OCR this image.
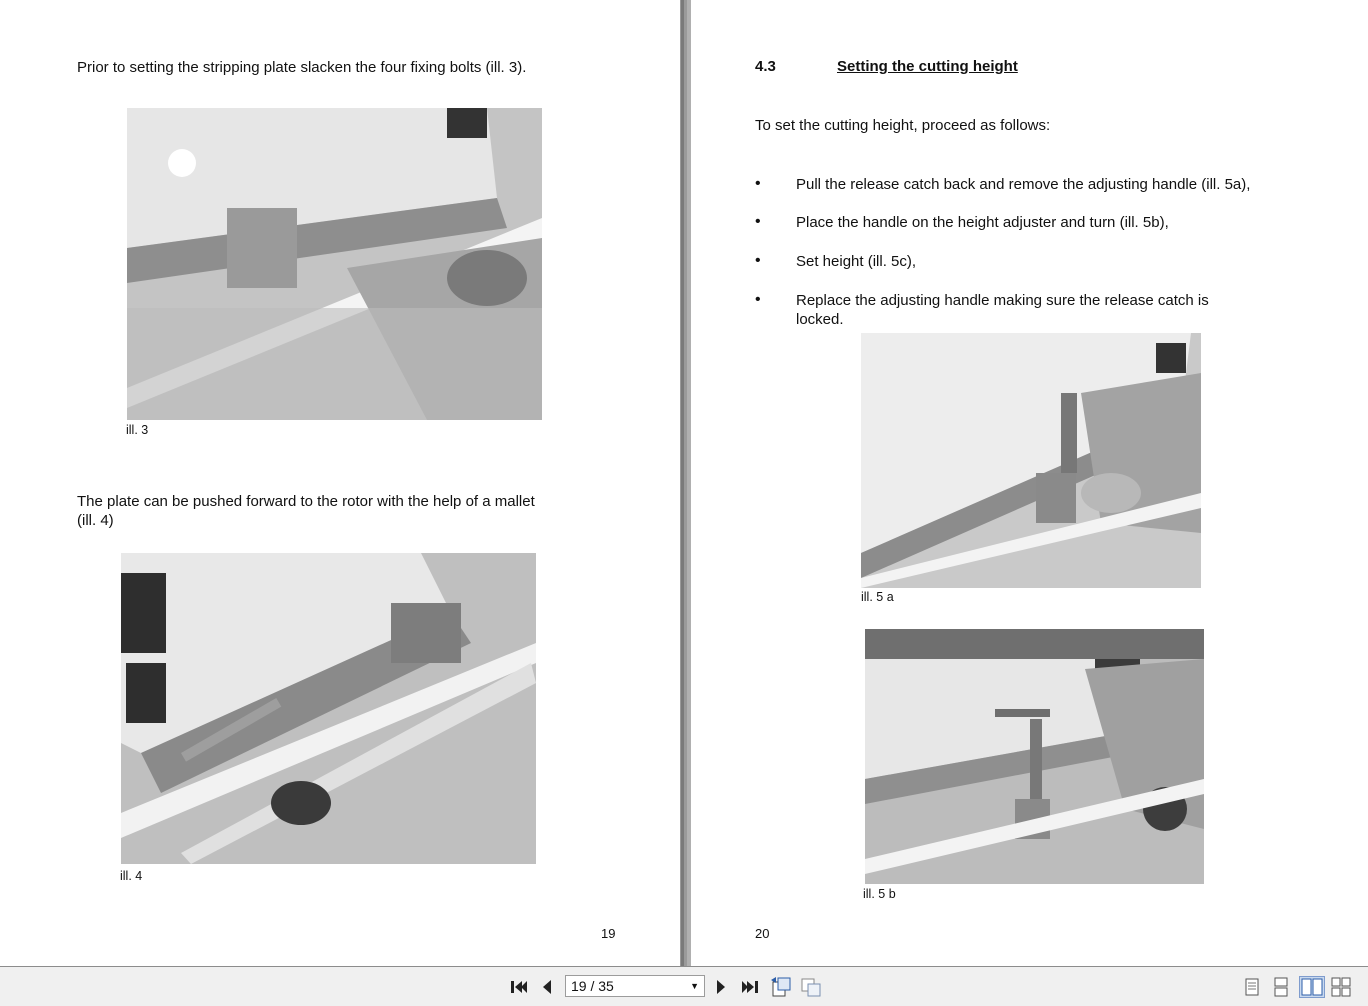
Prior to setting the stripping plate slacken the four fixing bolts (ill. 3).
ill. 3
The plate can be pushed forward to the rotor with the help of a mallet
(ill. 4)
ill. 4
19
4.3	Setting the cutting height
To set the cutting height, proceed as follows:
• Pull the release catch back and remove the adjusting handle (ill. 5a),
• Place the handle on the height adjuster and turn (ill. 5b),
• Set height (ill. 5c),
• Replace the adjusting handle making sure the release catch is
locked.
ill. 5 a
ill. 5 b
20
19 / 35	▼
